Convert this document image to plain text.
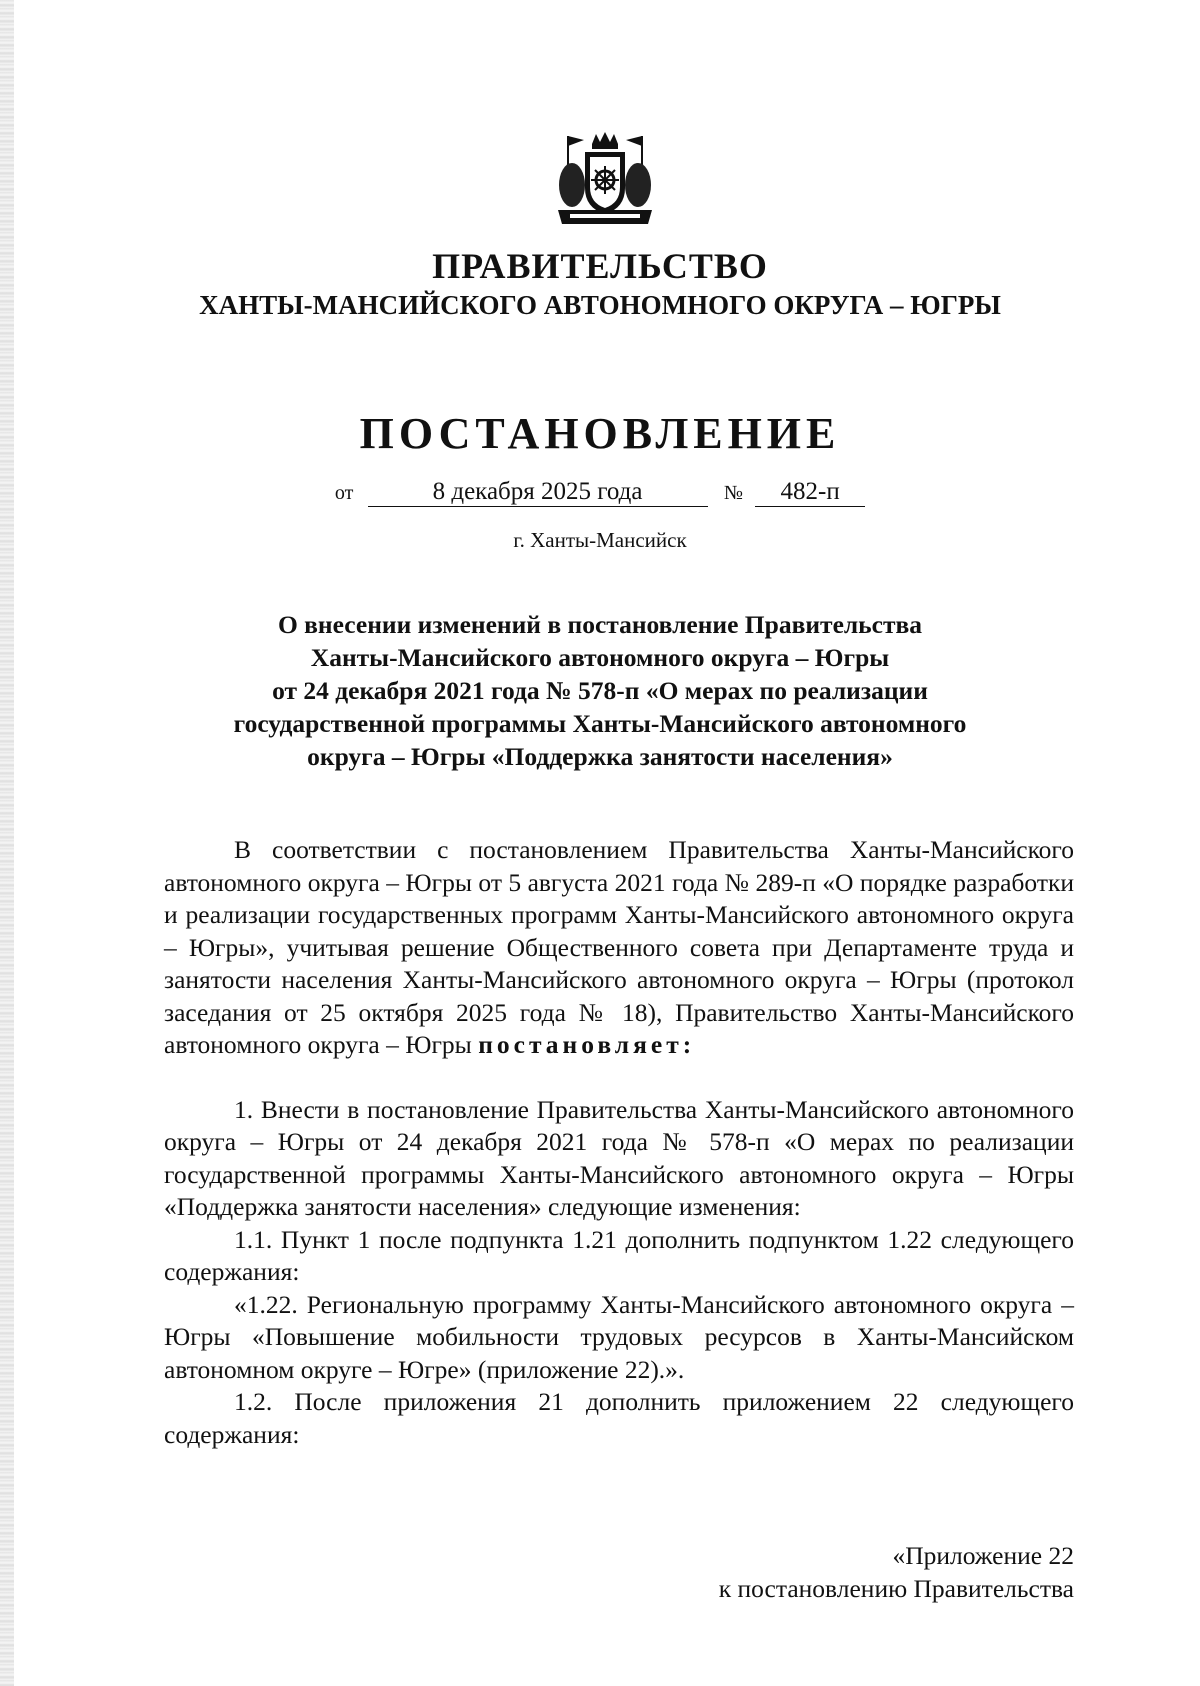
ПРАВИТЕЛЬСТВО
ХАНТЫ-МАНСИЙСКОГО АВТОНОМНОГО ОКРУГА – ЮГРЫ
ПОСТАНОВЛЕНИЕ
от	8 декабря 2025 года	№ 482-п
г. Ханты-Мансийск
О внесении изменений в постановление Правительства
Ханты-Мансийского автономного округа – Югры
от 24 декабря 2021 года № 578-п «О мерах по реализации
государственной программы Ханты-Мансийского автономного
округа – Югры «Поддержка занятости населения»

В соответствии с постановлением Правительства Ханты-Мансийского автономного округа – Югры от 5 августа 2021 года № 289-п «О порядке разработки и реализации государственных программ Ханты-Мансийского автономного округа – Югры», учитывая решение Общественного совета при Департаменте труда и занятости населения Ханты-Мансийского автономного округа – Югры (протокол заседания от 25 октября 2025 года № 18), Правительство Ханты-Мансийского автономного округа – Югры постановляет:

1. Внести в постановление Правительства Ханты-Мансийского автономного округа – Югры от 24 декабря 2021 года № 578-п «О мерах по реализации государственной программы Ханты-Мансийского автономного округа – Югры «Поддержка занятости населения» следующие изменения:

1.1. Пункт 1 после подпункта 1.21 дополнить подпунктом 1.22 следующего содержания:

«1.22. Региональную программу Ханты-Мансийского автономного округа – Югры «Повышение мобильности трудовых ресурсов в Ханты-Мансийском автономном округе – Югре» (приложение 22).».

1.2. После приложения 21 дополнить приложением 22 следующего содержания:

«Приложение 22
к постановлению Правительства
